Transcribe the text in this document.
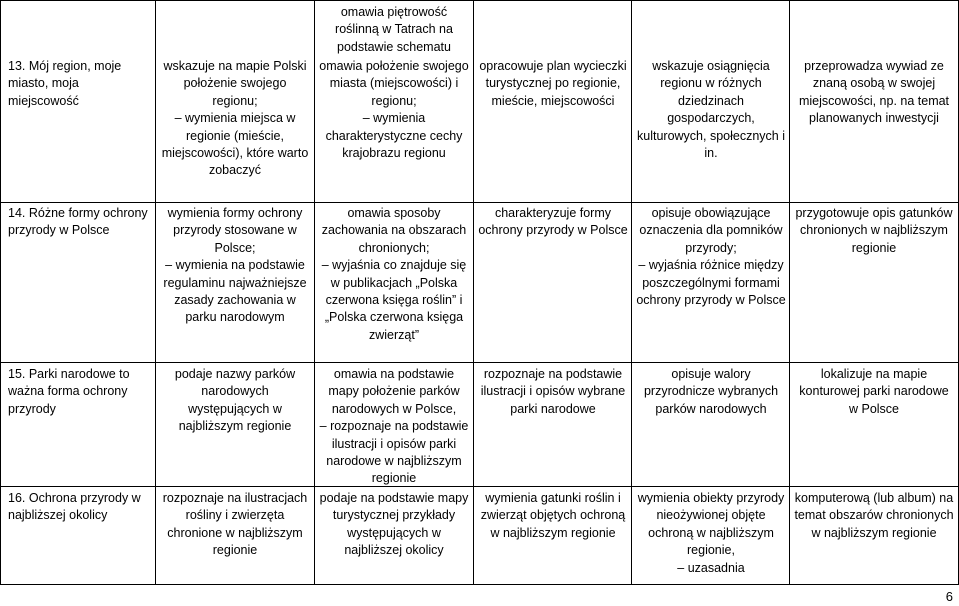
omawia piętrowość roślinną w Tatrach na podstawie schematu
13. Mój region, moje miasto, moja miejscowość
wskazuje na mapie Polski położenie swojego regionu;
– wymienia miejsca w regionie (mieście, miejscowości), które warto zobaczyć
omawia położenie swojego miasta (miejscowości) i regionu;
– wymienia charakterystyczne cechy krajobrazu regionu
opracowuje plan wycieczki turystycznej po regionie, mieście, miejscowości
wskazuje osiągnięcia regionu w różnych dziedzinach gospodarczych, kulturowych, społecznych i in.
przeprowadza wywiad ze znaną osobą w swojej miejscowości, np. na temat planowanych inwestycji
14. Różne formy ochrony przyrody w Polsce
wymienia formy ochrony przyrody stosowane w Polsce;
– wymienia na podstawie regulaminu najważniejsze zasady zachowania w parku narodowym
omawia sposoby zachowania na obszarach chronionych;
– wyjaśnia co znajduje się w publikacjach „Polska czerwona księga roślin” i „Polska czerwona księga zwierząt”
charakteryzuje formy ochrony przyrody w Polsce
opisuje obowiązujące oznaczenia dla pomników przyrody;
– wyjaśnia różnice między poszczególnymi formami ochrony przyrody w Polsce
przygotowuje opis gatunków chronionych w najbliższym regionie
15. Parki narodowe to ważna forma ochrony przyrody
podaje nazwy parków narodowych występujących w najbliższym regionie
omawia na podstawie mapy położenie parków narodowych w Polsce,
– rozpoznaje na podstawie ilustracji i opisów parki narodowe w najbliższym regionie
rozpoznaje na podstawie ilustracji i opisów wybrane parki narodowe
opisuje walory przyrodnicze wybranych parków narodowych
lokalizuje na mapie konturowej parki narodowe w Polsce
16. Ochrona przyrody w najbliższej okolicy
rozpoznaje na ilustracjach rośliny i zwierzęta chronione w najbliższym regionie
podaje na podstawie mapy turystycznej przykłady występujących w najbliższej okolicy
wymienia gatunki roślin i zwierząt objętych ochroną w najbliższym regionie
wymienia obiekty przyrody nieożywionej objęte ochroną w najbliższym regionie,
– uzasadnia
komputerową (lub album) na temat obszarów chronionych w najbliższym regionie
6
